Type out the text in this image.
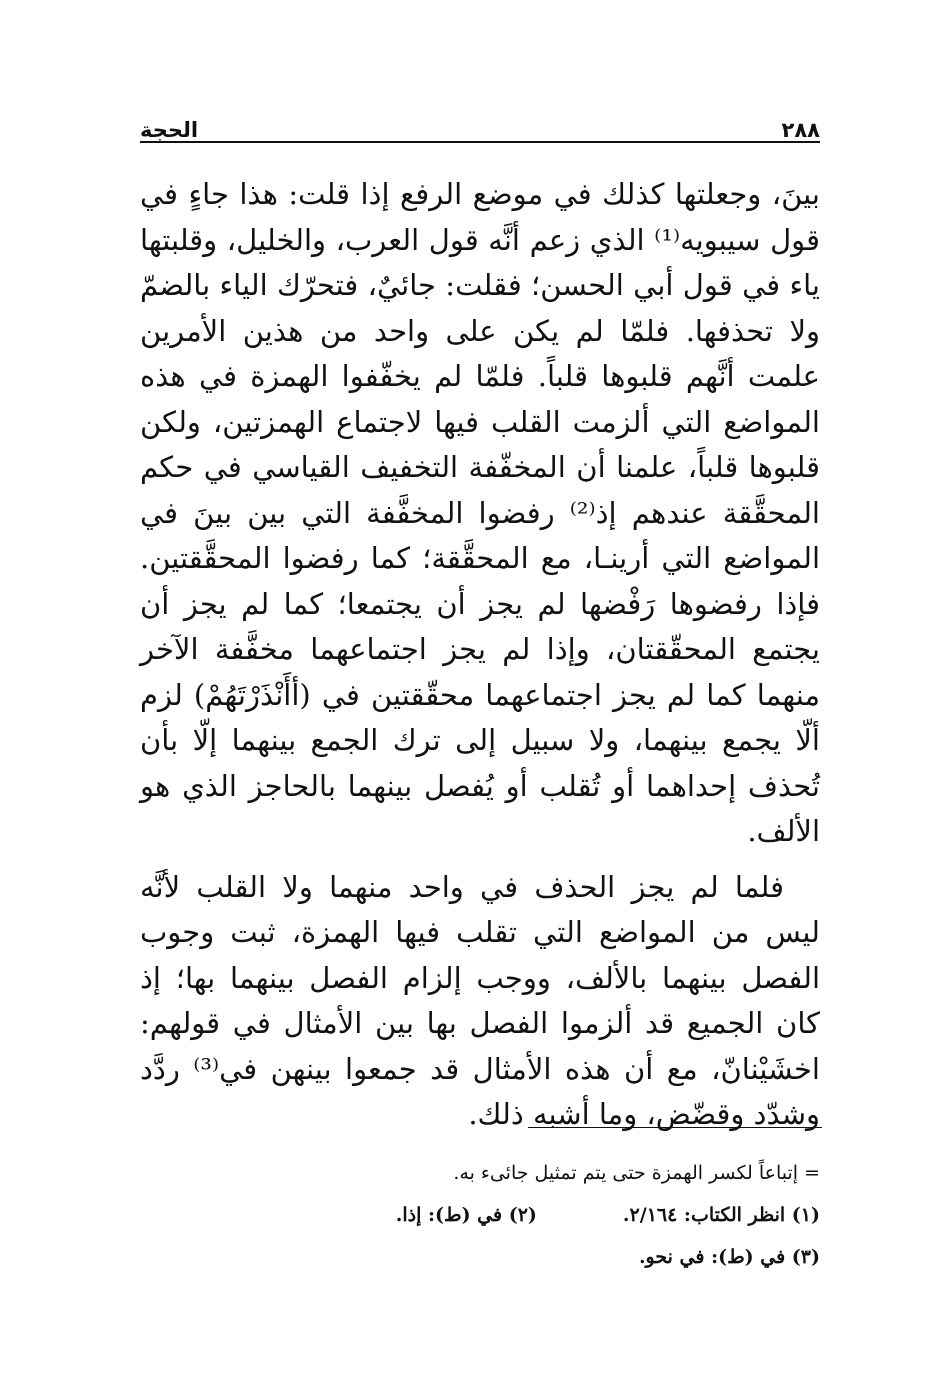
٢٨٨
الحجة

بينَ، وجعلتها كذلك في موضع الرفع إذا قلت: هذا جاءٍ في قول سيبويه⁽¹⁾ الذي زعم أنَّه قول العرب، والخليل، وقلبتها ياء في قول أبي الحسن؛ فقلت: جائيٌ، فتحرّك الياء بالضمّ ولا تحذفها. فلمّا لم يكن على واحد من هذين الأمرين علمت أنَّهم قلبوها قلباً. فلمّا لم يخفّفوا الهمزة في هذه المواضع التي ألزمت القلب فيها لاجتماع الهمزتين، ولكن قلبوها قلباً، علمنا أن المخفّفة التخفيف القياسي في حكم المحقَّقة عندهم إذ⁽²⁾ رفضوا المخفَّفة التي بين بينَ في المواضع التي أرينـا، مع المحقَّقة؛ كما رفضوا المحقَّقتين. فإذا رفضوها رَفْضها لم يجز أن يجتمعا؛ كما لم يجز أن يجتمع المحقّقتان، وإذا لم يجز اجتماعهما مخفَّفة الآخر منهما كما لم يجز اجتماعهما محقّقتين في (أأَنْذَرْتَهُمْ) لزم ألّا يجمع بينهما، ولا سبيل إلى ترك الجمع بينهما إلّا بأن تُحذف إحداهما أو تُقلب أو يُفصل بينهما بالحاجز الذي هو الألف.

فلما لم يجز الحذف في واحد منهما ولا القلب لأنَّه ليس من المواضع التي تقلب فيها الهمزة، ثبت وجوب الفصل بينهما بالألف، ووجب إلزام الفصل بينهما بها؛ إذ كان الجميع قد ألزموا الفصل بها بين الأمثال في قولهم: اخشَيْنانّ، مع أن هذه الأمثال قد جمعوا بينهن في⁽³⁾ ردَّد وشدّد وقضّض، وما أشبه ذلك.

= إتباعاً لكسر الهمزة حتى يتم تمثيل جائىء به.
(١) انظر الكتاب: ٢/١٦٤.
(٢) في (ط): إذا.
(٣) في (ط): في نحو.
